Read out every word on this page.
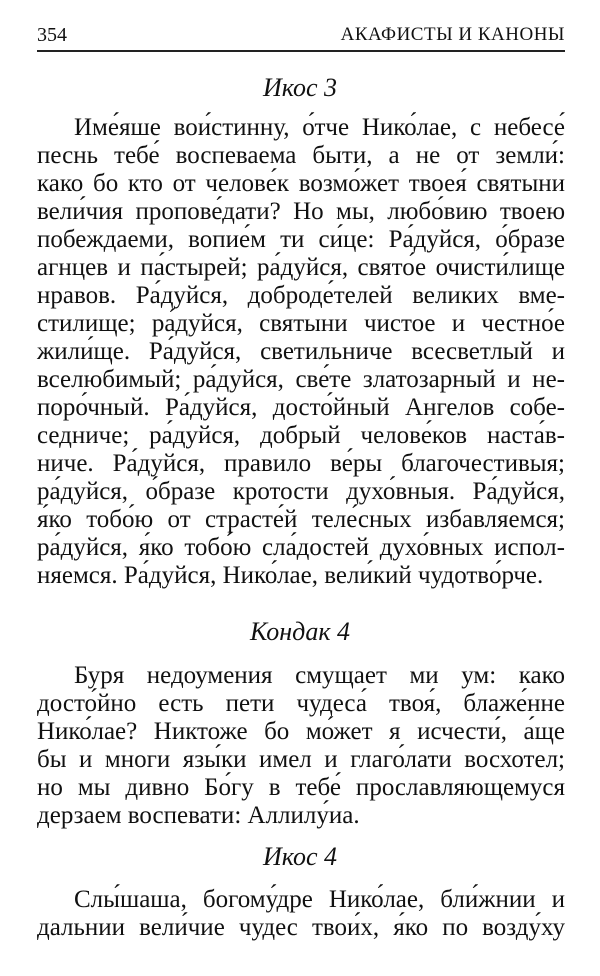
354	АКАФИСТЫ И КАНОНЫ
Икос 3
Име́яше вои́стинну, о́тче Нико́лае, с небесе́
песнь тебе́ воспеваема быти, а не от земли́:
како бо кто от челове́к возмо́жет твоея́ святыни
вели́чия пропове́дати? Но мы, любо́вию твоею
побеждаеми, вопие́м ти си́це: Ра́дуйся, о́бразе
агнцев и па́стырей; ра́дуйся, свято́е очисти́лище
нравов. Ра́дуйся, доброде́телей великих вме-
стилище; ра́дуйся, святыни чистое и честно́е
жили́ще. Ра́дуйся, светильниче всесветлый и
вселюбимый; ра́дуйся, све́те златозарный и не-
поро́чный. Ра́дуйся, досто́йный Ангелов собе-
седниче; ра́дуйся, добрый челове́ков наста́в-
ниче. Ра́дуйся, правило ве́ры благочестивыя;
ра́дуйся, о́бразе кротости духо́вныя. Ра́дуйся,
я́ко тобо́ю от страсте́й теле́сных избавляемся;
ра́дуйся, я́ко тобо́ю сла́достей духо́вных испол-
няемся. Ра́дуйся, Нико́лае, вели́кий чудотво́рче.
Кондак 4
Буря недоумения смущает ми ум: како
досто́йно есть пети чудеса́ твоя́, блаже́нне
Нико́лае? Никтоже бо мо́жет я исчести́, а́ще
бы и многи язы́ки имел и глаго́лати восхотел;
но мы дивно Бо́гу в тебе́ прославляющемуся
дерзаем воспевати: Аллилу́иа.
Икос 4
Слы́шаша, богому́дре Нико́лае, бли́жнии и
дальнии вели́чие чудес твои́х, я́ко по возду́ху
